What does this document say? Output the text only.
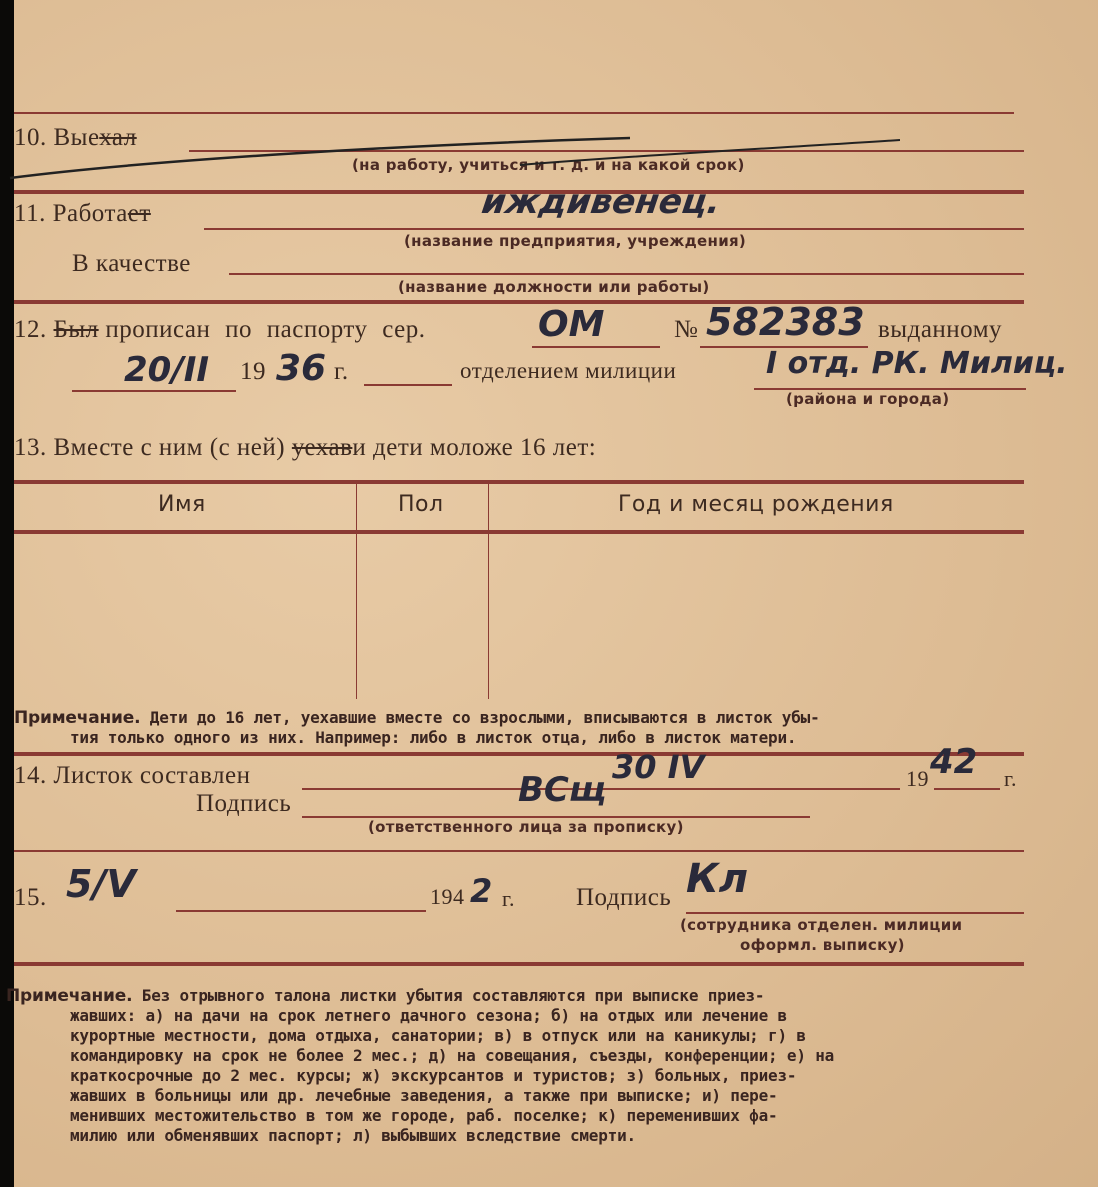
10. Выехал
(на работу, учиться и т. д. и на какой срок)
11. Работает	иждивенец.
(название предприятия, учреждения)
В качестве
(название должности или работы)
12. Был прописан по паспорту сер.	ОМ	№ 582383 выданному
20/II 19 36 г.	отделением милиции	I отд. РК. Милиц.
(района и города)
13. Вместе с ним (с ней) уехави дети моложе 16 лет:
Имя	Пол	Год и месяц рождения
Примечание. Дети до 16 лет, уехавшие вместе со взрослыми, вписываются в листок убы-
тия только одного из них. Например: либо в листок отца, либо в листок матери.
14. Листок составлен	30 IV	19 42 г.
Подпись	ВСщ
(ответственного лица за прописку)
15. 5/V	194 2 г. Подпись Кл
(сотрудника отделен. милиции
оформл. выписку)
Примечание. Без отрывного талона листки убытия составляются при выписке приез-
жавших: а) на дачи на срок летнего дачного сезона; б) на отдых или лечение в
курортные местности, дома отдыха, санатории; в) в отпуск или на каникулы; г) в
командировку на срок не более 2 мес.; д) на совещания, съезды, конференции; е) на
краткосрочные до 2 мес. курсы; ж) экскурсантов и туристов; з) больных, приез-
жавших в больницы или др. лечебные заведения, а также при выписке; и) пере-
менивших местожительство в том же городе, раб. поселке; к) переменивших фа-
милию или обменявших паспорт; л) выбывших вследствие смерти.
